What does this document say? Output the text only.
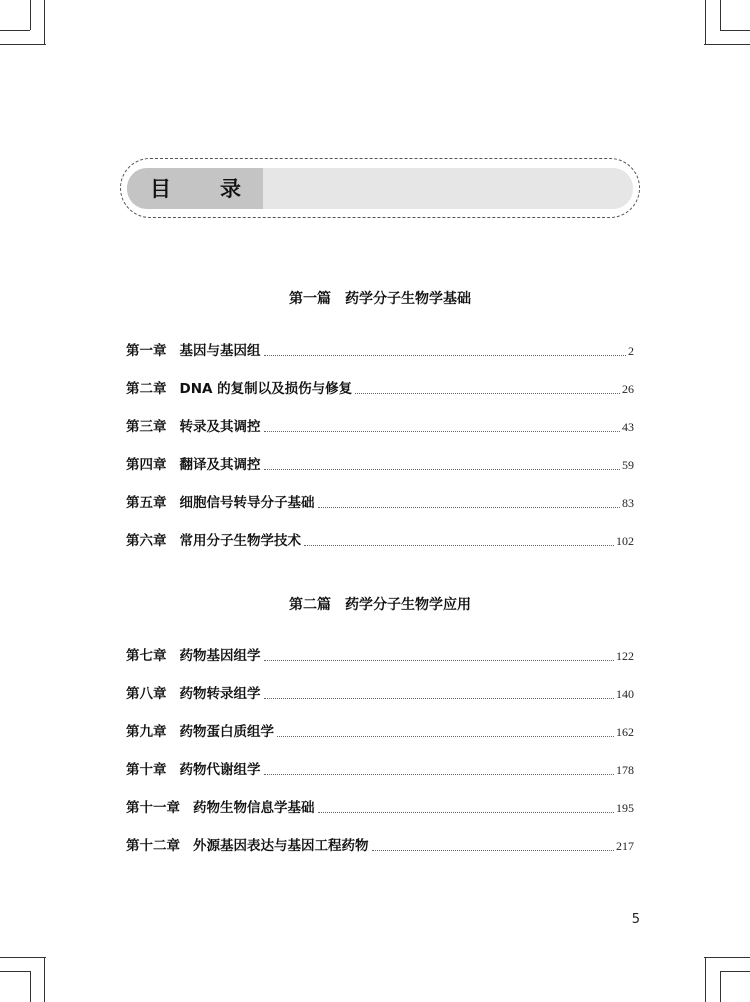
目 录
第一篇　药学分子生物学基础
第一章 基因与基因组	2
第二章 DNA 的复制以及损伤与修复	26
第三章 转录及其调控	43
第四章 翻译及其调控	59
第五章 细胞信号转导分子基础	83
第六章 常用分子生物学技术	102
第二篇　药学分子生物学应用
第七章 药物基因组学	122
第八章 药物转录组学	140
第九章 药物蛋白质组学	162
第十章 药物代谢组学	178
第十一章 药物生物信息学基础	195
第十二章 外源基因表达与基因工程药物	217
5
